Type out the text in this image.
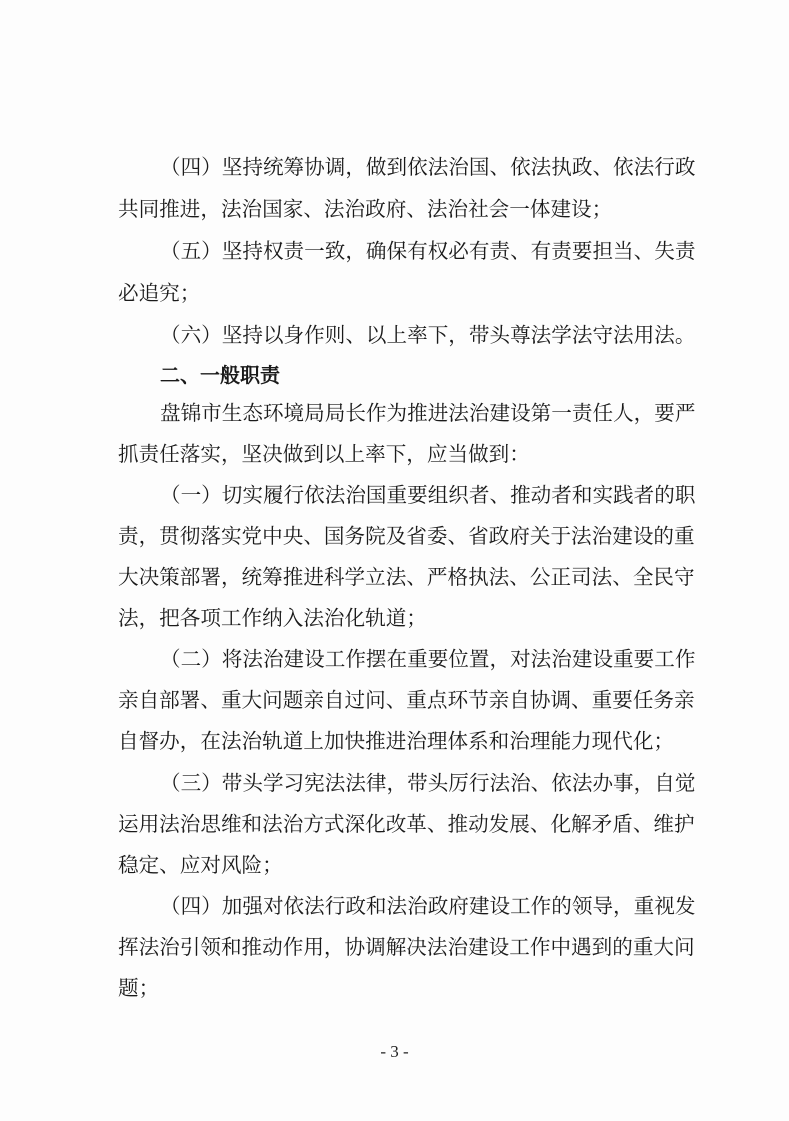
（四）坚持统筹协调，做到依法治国、依法执政、依法行政
共同推进，法治国家、法治政府、法治社会一体建设；
（五）坚持权责一致，确保有权必有责、有责要担当、失责
必追究；
（六）坚持以身作则、以上率下，带头尊法学法守法用法。
二、一般职责
盘锦市生态环境局局长作为推进法治建设第一责任人，要严
抓责任落实，坚决做到以上率下，应当做到：
（一）切实履行依法治国重要组织者、推动者和实践者的职
责，贯彻落实党中央、国务院及省委、省政府关于法治建设的重
大决策部署，统筹推进科学立法、严格执法、公正司法、全民守
法，把各项工作纳入法治化轨道；
（二）将法治建设工作摆在重要位置，对法治建设重要工作
亲自部署、重大问题亲自过问、重点环节亲自协调、重要任务亲
自督办，在法治轨道上加快推进治理体系和治理能力现代化；
（三）带头学习宪法法律，带头厉行法治、依法办事，自觉
运用法治思维和法治方式深化改革、推动发展、化解矛盾、维护
稳定、应对风险；
（四）加强对依法行政和法治政府建设工作的领导，重视发
挥法治引领和推动作用，协调解决法治建设工作中遇到的重大问
题；
- 3 -
